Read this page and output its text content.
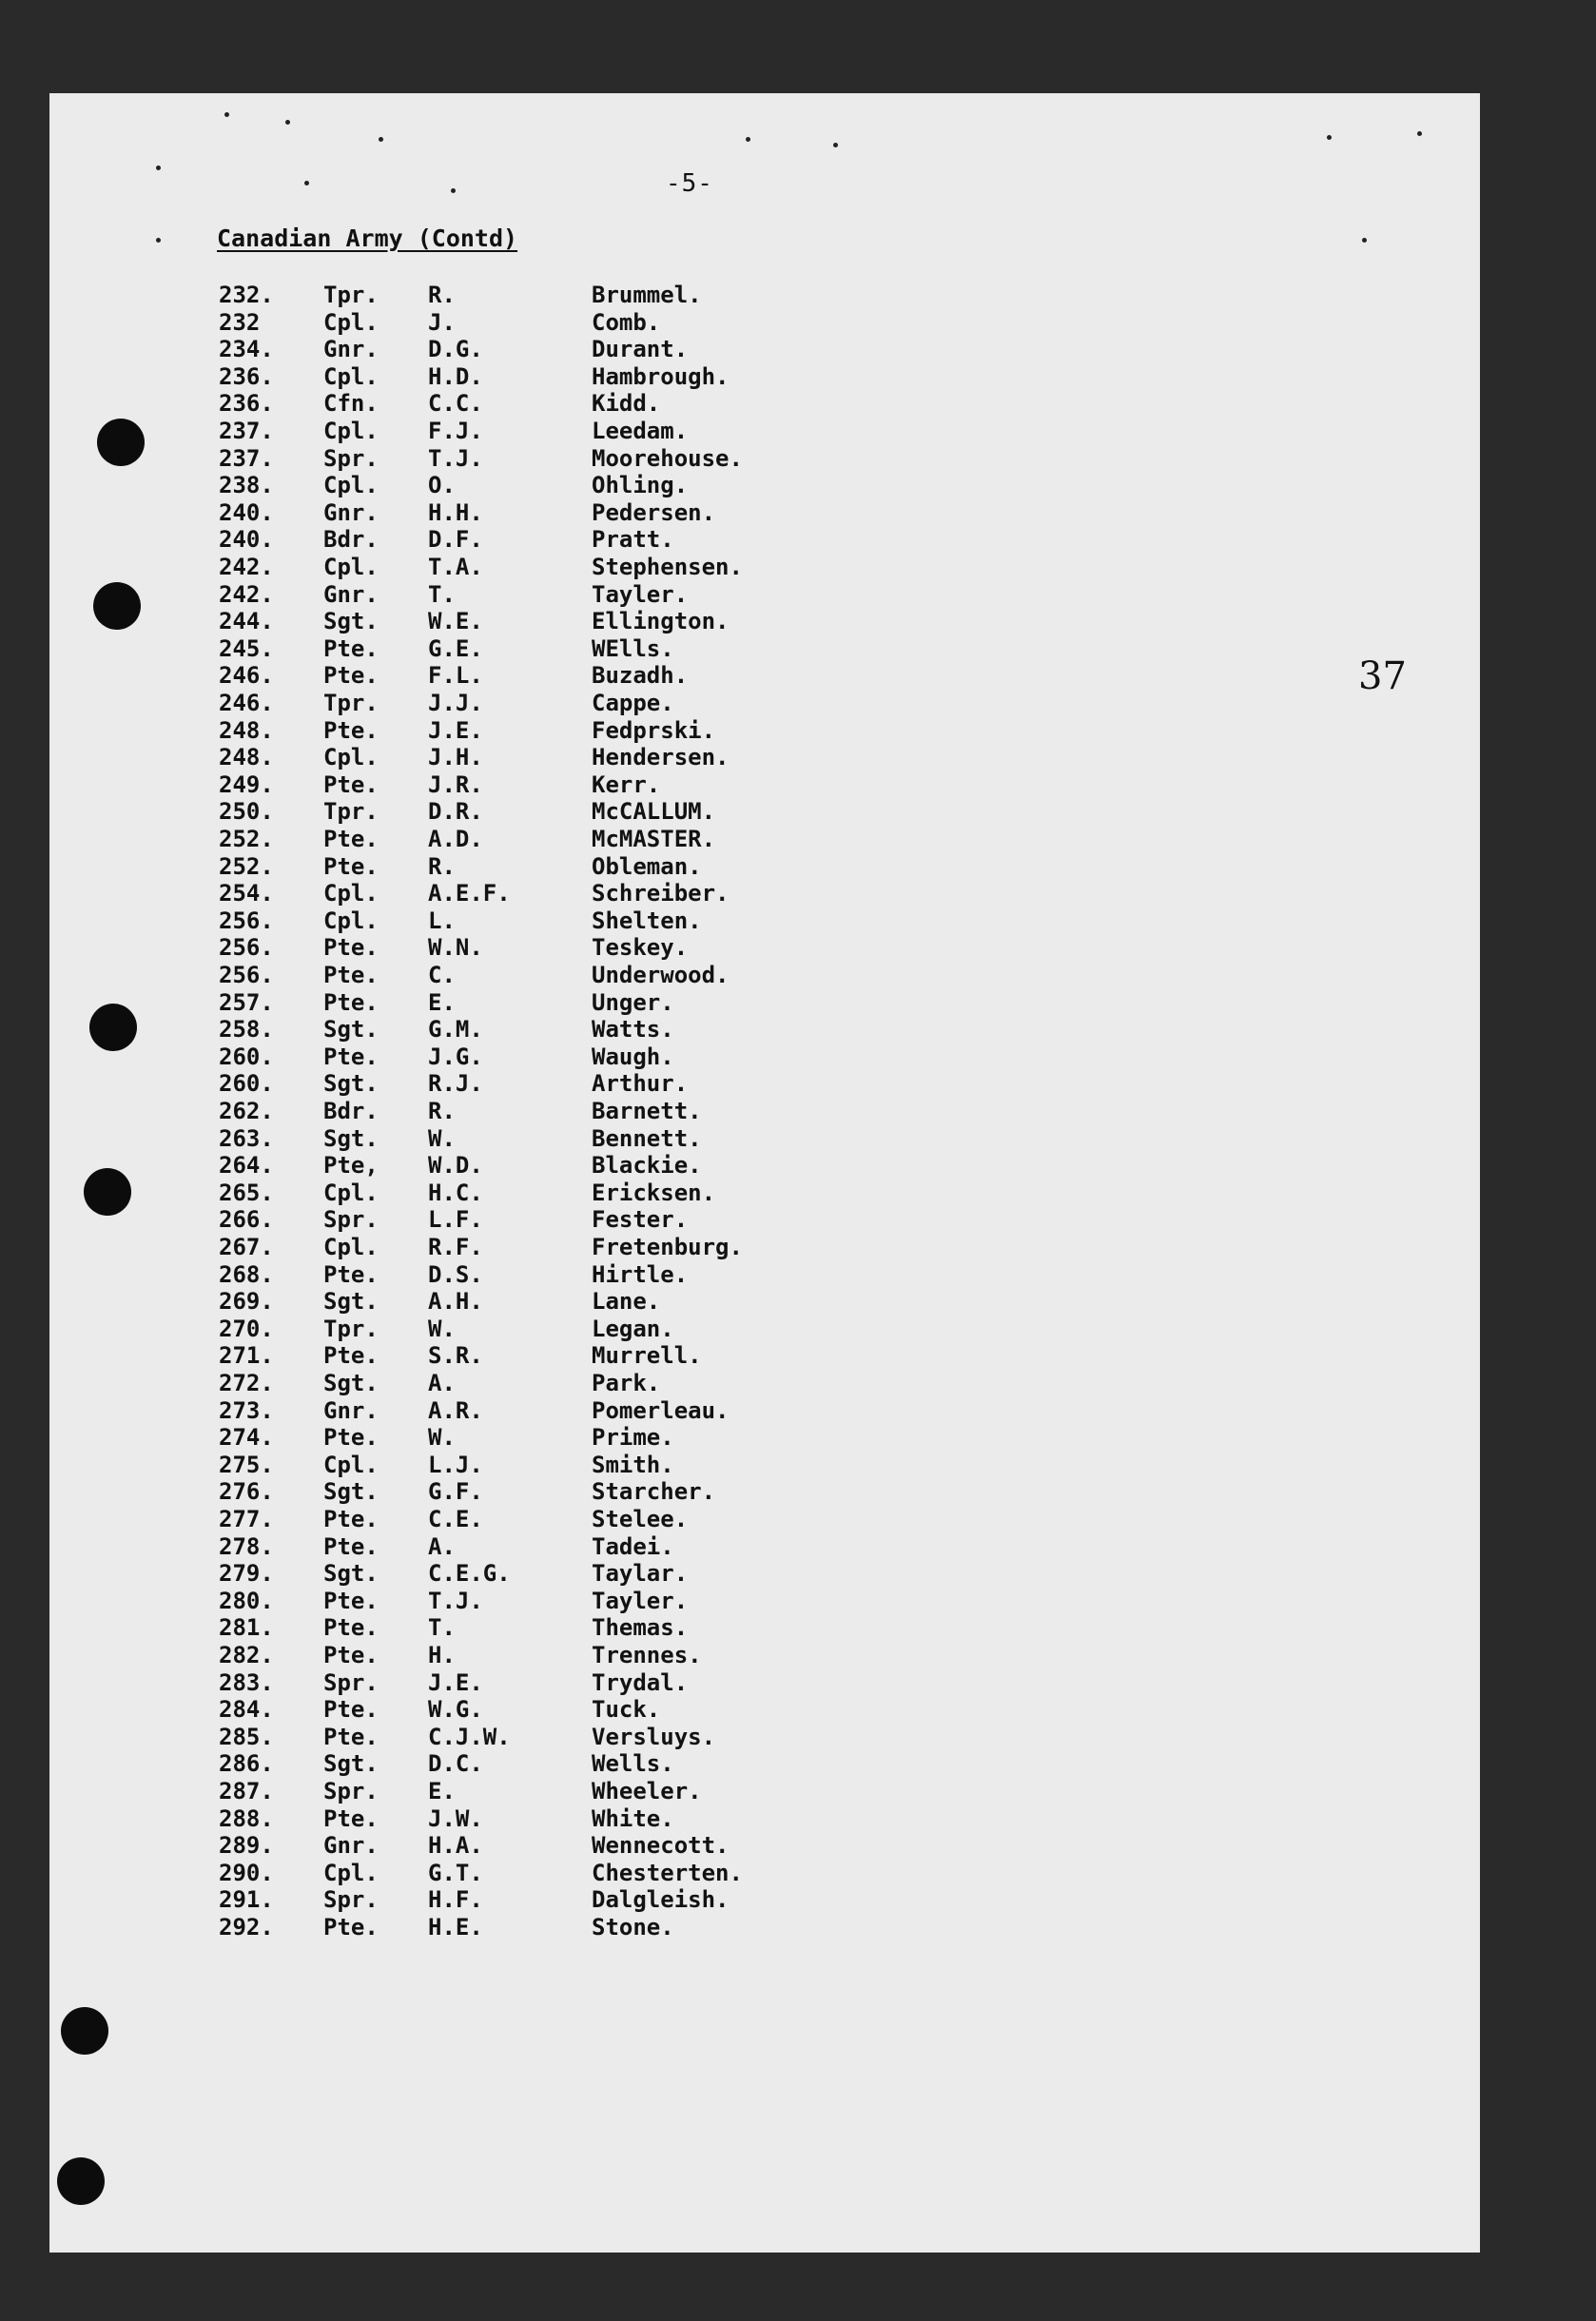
-5-
Canadian Army (Contd)
37
232. Tpr. R.	Brummel.
232	Cpl. J.	Comb.
234. Gnr. D.G.	Durant.
236. Cpl. H.D.	Hambrough.
236. Cfn. C.C.	Kidd.
237. Cpl. F.J.	Leedam.
237. Spr. T.J.	Moorehouse.
238. Cpl. O.	Ohling.
240. Gnr. H.H.	Pedersen.
240. Bdr. D.F.	Pratt.
242. Cpl. T.A.	Stephensen.
242. Gnr. T.	Tayler.
244. Sgt. W.E.	Ellington.
245. Pte. G.E.	WElls.
246. Pte. F.L.	Buzadh.
246. Tpr. J.J.	Cappe.
248. Pte. J.E.	Fedprski.
248. Cpl. J.H.	Hendersen.
249. Pte. J.R.	Kerr.
250. Tpr. D.R.	McCALLUM.
252. Pte. A.D.	McMASTER.
252. Pte. R.	Obleman.
254. Cpl. A.E.F.	Schreiber.
256. Cpl. L.	Shelten.
256. Pte. W.N.	Teskey.
256. Pte. C.	Underwood.
257. Pte. E.	Unger.
258. Sgt. G.M.	Watts.
260. Pte. J.G.	Waugh.
260. Sgt. R.J.	Arthur.
262. Bdr. R.	Barnett.
263. Sgt. W.	Bennett.
264. Pte, W.D.	Blackie.
265. Cpl. H.C.	Ericksen.
266. Spr. L.F.	Fester.
267. Cpl. R.F.	Fretenburg.
268. Pte. D.S.	Hirtle.
269. Sgt. A.H.	Lane.
270. Tpr. W.	Legan.
271. Pte. S.R.	Murrell.
272. Sgt. A.	Park.
273. Gnr. A.R.	Pomerleau.
274. Pte. W.	Prime.
275. Cpl. L.J.	Smith.
276. Sgt. G.F.	Starcher.
277. Pte. C.E.	Stelee.
278. Pte. A.	Tadei.
279. Sgt. C.E.G.	Taylar.
280. Pte. T.J.	Tayler.
281. Pte. T.	Themas.
282. Pte. H.	Trennes.
283. Spr. J.E.	Trydal.
284. Pte. W.G.	Tuck.
285. Pte. C.J.W.	Versluys.
286. Sgt. D.C.	Wells.
287. Spr. E.	Wheeler.
288. Pte. J.W.	White.
289. Gnr. H.A.	Wennecott.
290. Cpl. G.T.	Chesterten.
291. Spr. H.F.	Dalgleish.
292. Pte. H.E.	Stone.
